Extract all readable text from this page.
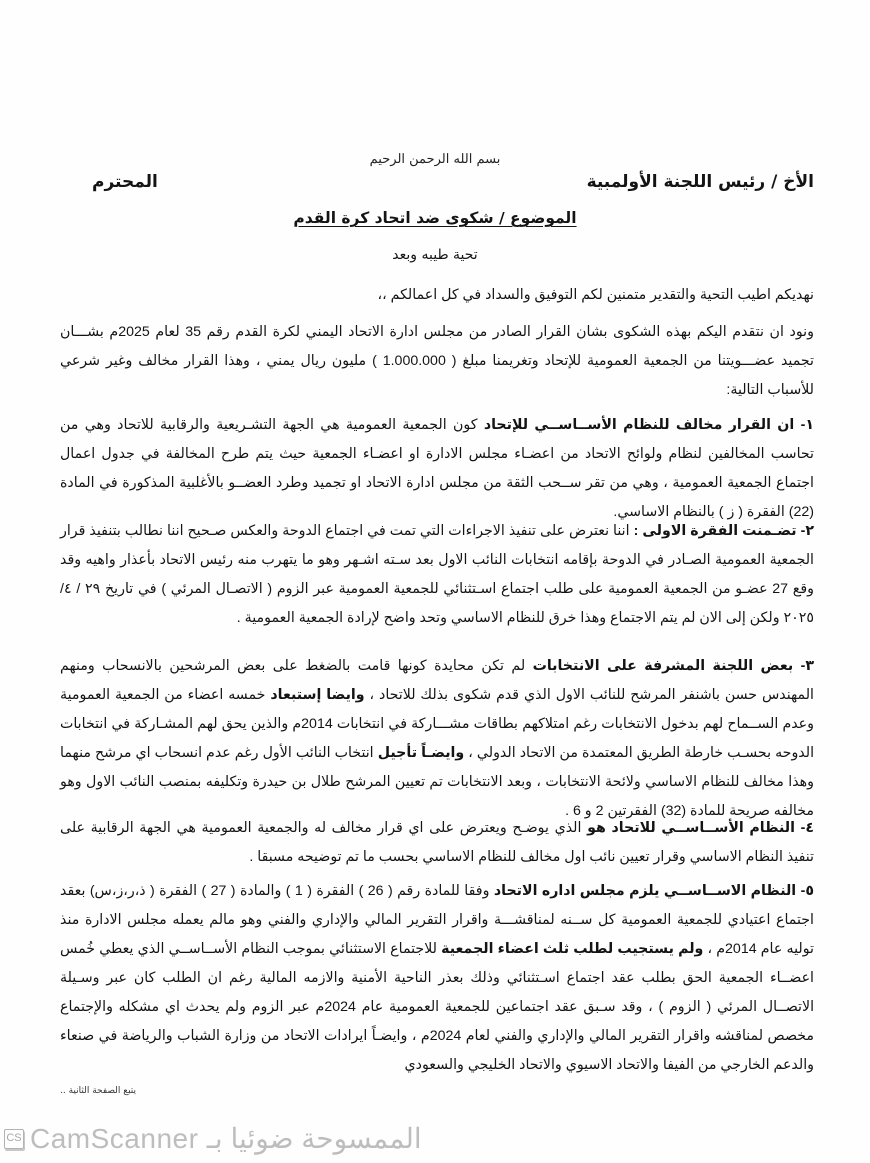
بسم الله الرحمن الرحيم
الأخ / رئيس اللجنة الأولمبية
المحترم
الموضوع / شكوى ضد اتحاد كرة القدم
تحية طيبه وبعد
نهديكم اطيب التحية والتقدير متمنين لكم التوفيق والسداد في كل اعمالكم ،،
ونود ان نتقدم اليكم بهذه الشكوى بشان القرار الصادر من مجلس ادارة الاتحاد اليمني لكرة القدم رقم 35 لعام 2025م بشـــان تجميد عضـــويتنا من الجمعية العمومية للإتحاد وتغريمنا مبلغ ( 1.000.000 ) مليون ريال يمني ، وهذا القرار مخالف وغير شرعي للأسباب التالية:
١- ان القرار مخالف للنظام الأســاســي للإتحاد كون الجمعية العمومية هي الجهة التشـريعية والرقابية للاتحاد وهي من تحاسب المخالفين لنظام ولوائح الاتحاد من اعضـاء مجلس الادارة او اعضـاء الجمعية حيث يتم طرح المخالفة في جدول اعمال اجتماع الجمعية العمومية ، وهي من تقر ســحب الثقة من مجلس ادارة الاتحاد او تجميد وطرد العضــو بالأغلبية المذكورة في المادة (22) الفقرة ( ز ) بالنظام الاساسي.
٢- تضـمنت الفقرة الاولى : اننا نعترض على تنفيذ الاجراءات التي تمت في اجتماع الدوحة والعكس صـحيح اننا نطالب بتنفيذ قرار الجمعية العمومية الصـادر في الدوحة بإقامه انتخابات النائب الاول بعد سـته اشـهر وهو ما يتهرب منه رئيس الاتحاد بأعذار واهيه وقد وقع 27 عضـو من الجمعية العمومية على طلب اجتماع اسـتثنائي للجمعية العمومية عبر الزوم ( الاتصـال المرئي ) في تاريخ ٢٩ / ٤/ ٢٠٢٥ ولكن إلى الان لم يتم الاجتماع وهذا خرق للنظام الاساسي وتحد واضح لإرادة الجمعية العمومية .
٣- بعض اللجنة المشرفة على الانتخابات لم تكن محايدة كونها قامت بالضغط على بعض المرشحين بالانسحاب ومنهم المهندس حسن باشنفر المرشح للنائب الاول الذي قدم شكوى بذلك للاتحاد ، وايضا إستبعاد خمسه اعضاء من الجمعية العمومية وعدم الســماح لهم بدخول الانتخابات رغم امتلاكهم بطاقات مشـــاركة في انتخابات 2014م والذين يحق لهم المشـاركة في انتخابات الدوحه بحسـب خارطة الطريق المعتمدة من الاتحاد الدولي ، وايضـاً تأجيل انتخاب النائب الأول رغم عدم انسحاب اي مرشح منهما وهذا مخالف للنظام الاساسي ولائحة الانتخابات ، وبعد الانتخابات تم تعيين المرشح طلال بن حيدرة وتكليفه بمنصب النائب الاول وهو مخالفه صريحة للمادة (32) الفقرتين 2 و 6 .
٤- النظام الأســاســي للاتحاد هو الذي يوضـح ويعترض على اي قرار مخالف له والجمعية العمومية هي الجهة الرقابية على تنفيذ النظام الاساسي وقرار تعيين نائب اول مخالف للنظام الاساسي بحسب ما تم توضيحه مسبقا .
٥- النظام الاســاســي يلزم مجلس اداره الاتحاد وفقا للمادة رقم ( 26 ) الفقرة ( 1 ) والمادة ( 27 ) الفقرة ( ذ،ر،ز،س) بعقد اجتماع اعتيادي للجمعية العمومية كل ســنه لمناقشـــة واقرار التقرير المالي والإداري والفني وهو مالم يعمله مجلس الادارة منذ توليه عام 2014م ، ولم يستجيب لطلب ثلث اعضاء الجمعية للاجتماع الاستثنائي بموجب النظام الأســاســي الذي يعطي خُمس اعضــاء الجمعية الحق بطلب عقد اجتماع اسـتثنائي وذلك بعذر الناحية الأمنية والازمه المالية رغم ان الطلب كان عبر وسـيلة الاتصــال المرئي ( الزوم ) ، وقد سـبق عقد اجتماعين للجمعية العمومية عام 2024م عبر الزوم ولم يحدث اي مشكله والإجتماع مخصص لمناقشه واقرار التقرير المالي والإداري والفني لعام 2024م ، وايضـاً ايرادات الاتحاد من وزارة الشباب والرياضة في صنعاء والدعم الخارجي من الفيفا والاتحاد الاسيوي والاتحاد الخليجي والسعودي
يتبع الصفحة الثانية ..
CS CamScanner الممسوحة ضوئيا بـ
